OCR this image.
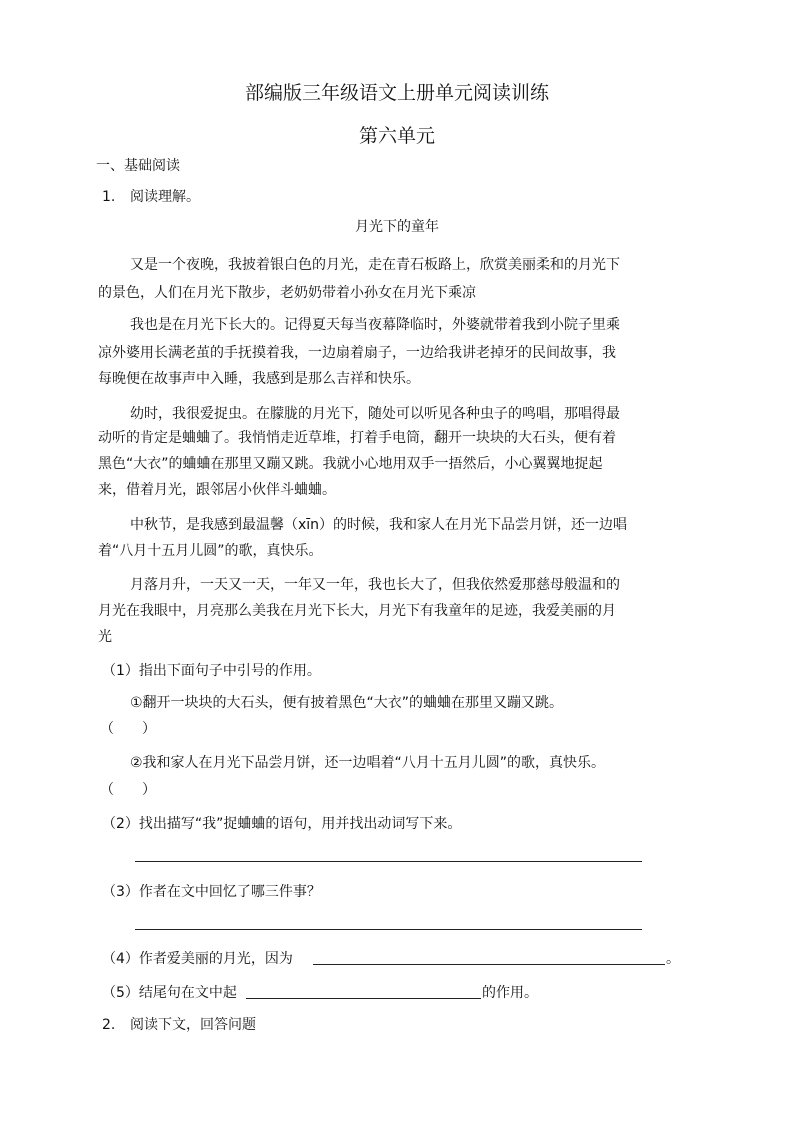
部编版三年级语文上册单元阅读训练
第六单元
一、基础阅读
1. 阅读理解。
月光下的童年
又是一个夜晚，我披着银白色的月光，走在青石板路上，欣赏美丽柔和的月光下
的景色，人们在月光下散步，老奶奶带着小孙女在月光下乘凉
我也是在月光下长大的。记得夏天每当夜幕降临时，外婆就带着我到小院子里乘
凉外婆用长满老茧的手抚摸着我，一边扇着扇子，一边给我讲老掉牙的民间故事，我
每晚便在故事声中入睡，我感到是那么吉祥和快乐。
幼时，我很爱捉虫。在朦胧的月光下，随处可以听见各种虫子的鸣唱，那唱得最
动听的肯定是蛐蛐了。我悄悄走近草堆，打着手电筒，翻开一块块的大石头，便有着
黑色“大衣”的蛐蛐在那里又蹦又跳。我就小心地用双手一捂然后，小心翼翼地捉起
来，借着月光，跟邻居小伙伴斗蛐蛐。
中秋节，是我感到最温馨（xīn）的时候，我和家人在月光下品尝月饼，还一边唱
着“八月十五月儿圆”的歌，真快乐。
月落月升，一天又一天，一年又一年，我也长大了，但我依然爱那慈母般温和的
月光在我眼中，月亮那么美我在月光下长大，月光下有我童年的足迹，我爱美丽的月
光
（1）指出下面句子中引号的作用。
①翻开一块块的大石头，便有披着黑色“大衣”的蛐蛐在那里又蹦又跳。
（　　）
②我和家人在月光下品尝月饼，还一边唱着“八月十五月儿圆”的歌，真快乐。
（　　）
（2）找出描写“我”捉蛐蛐的语句，用并找出动词写下来。
（3）作者在文中回忆了哪三件事？
（4）作者爱美丽的月光，因为	。
（5）结尾句在文中起	的作用。
2. 阅读下文，回答问题
